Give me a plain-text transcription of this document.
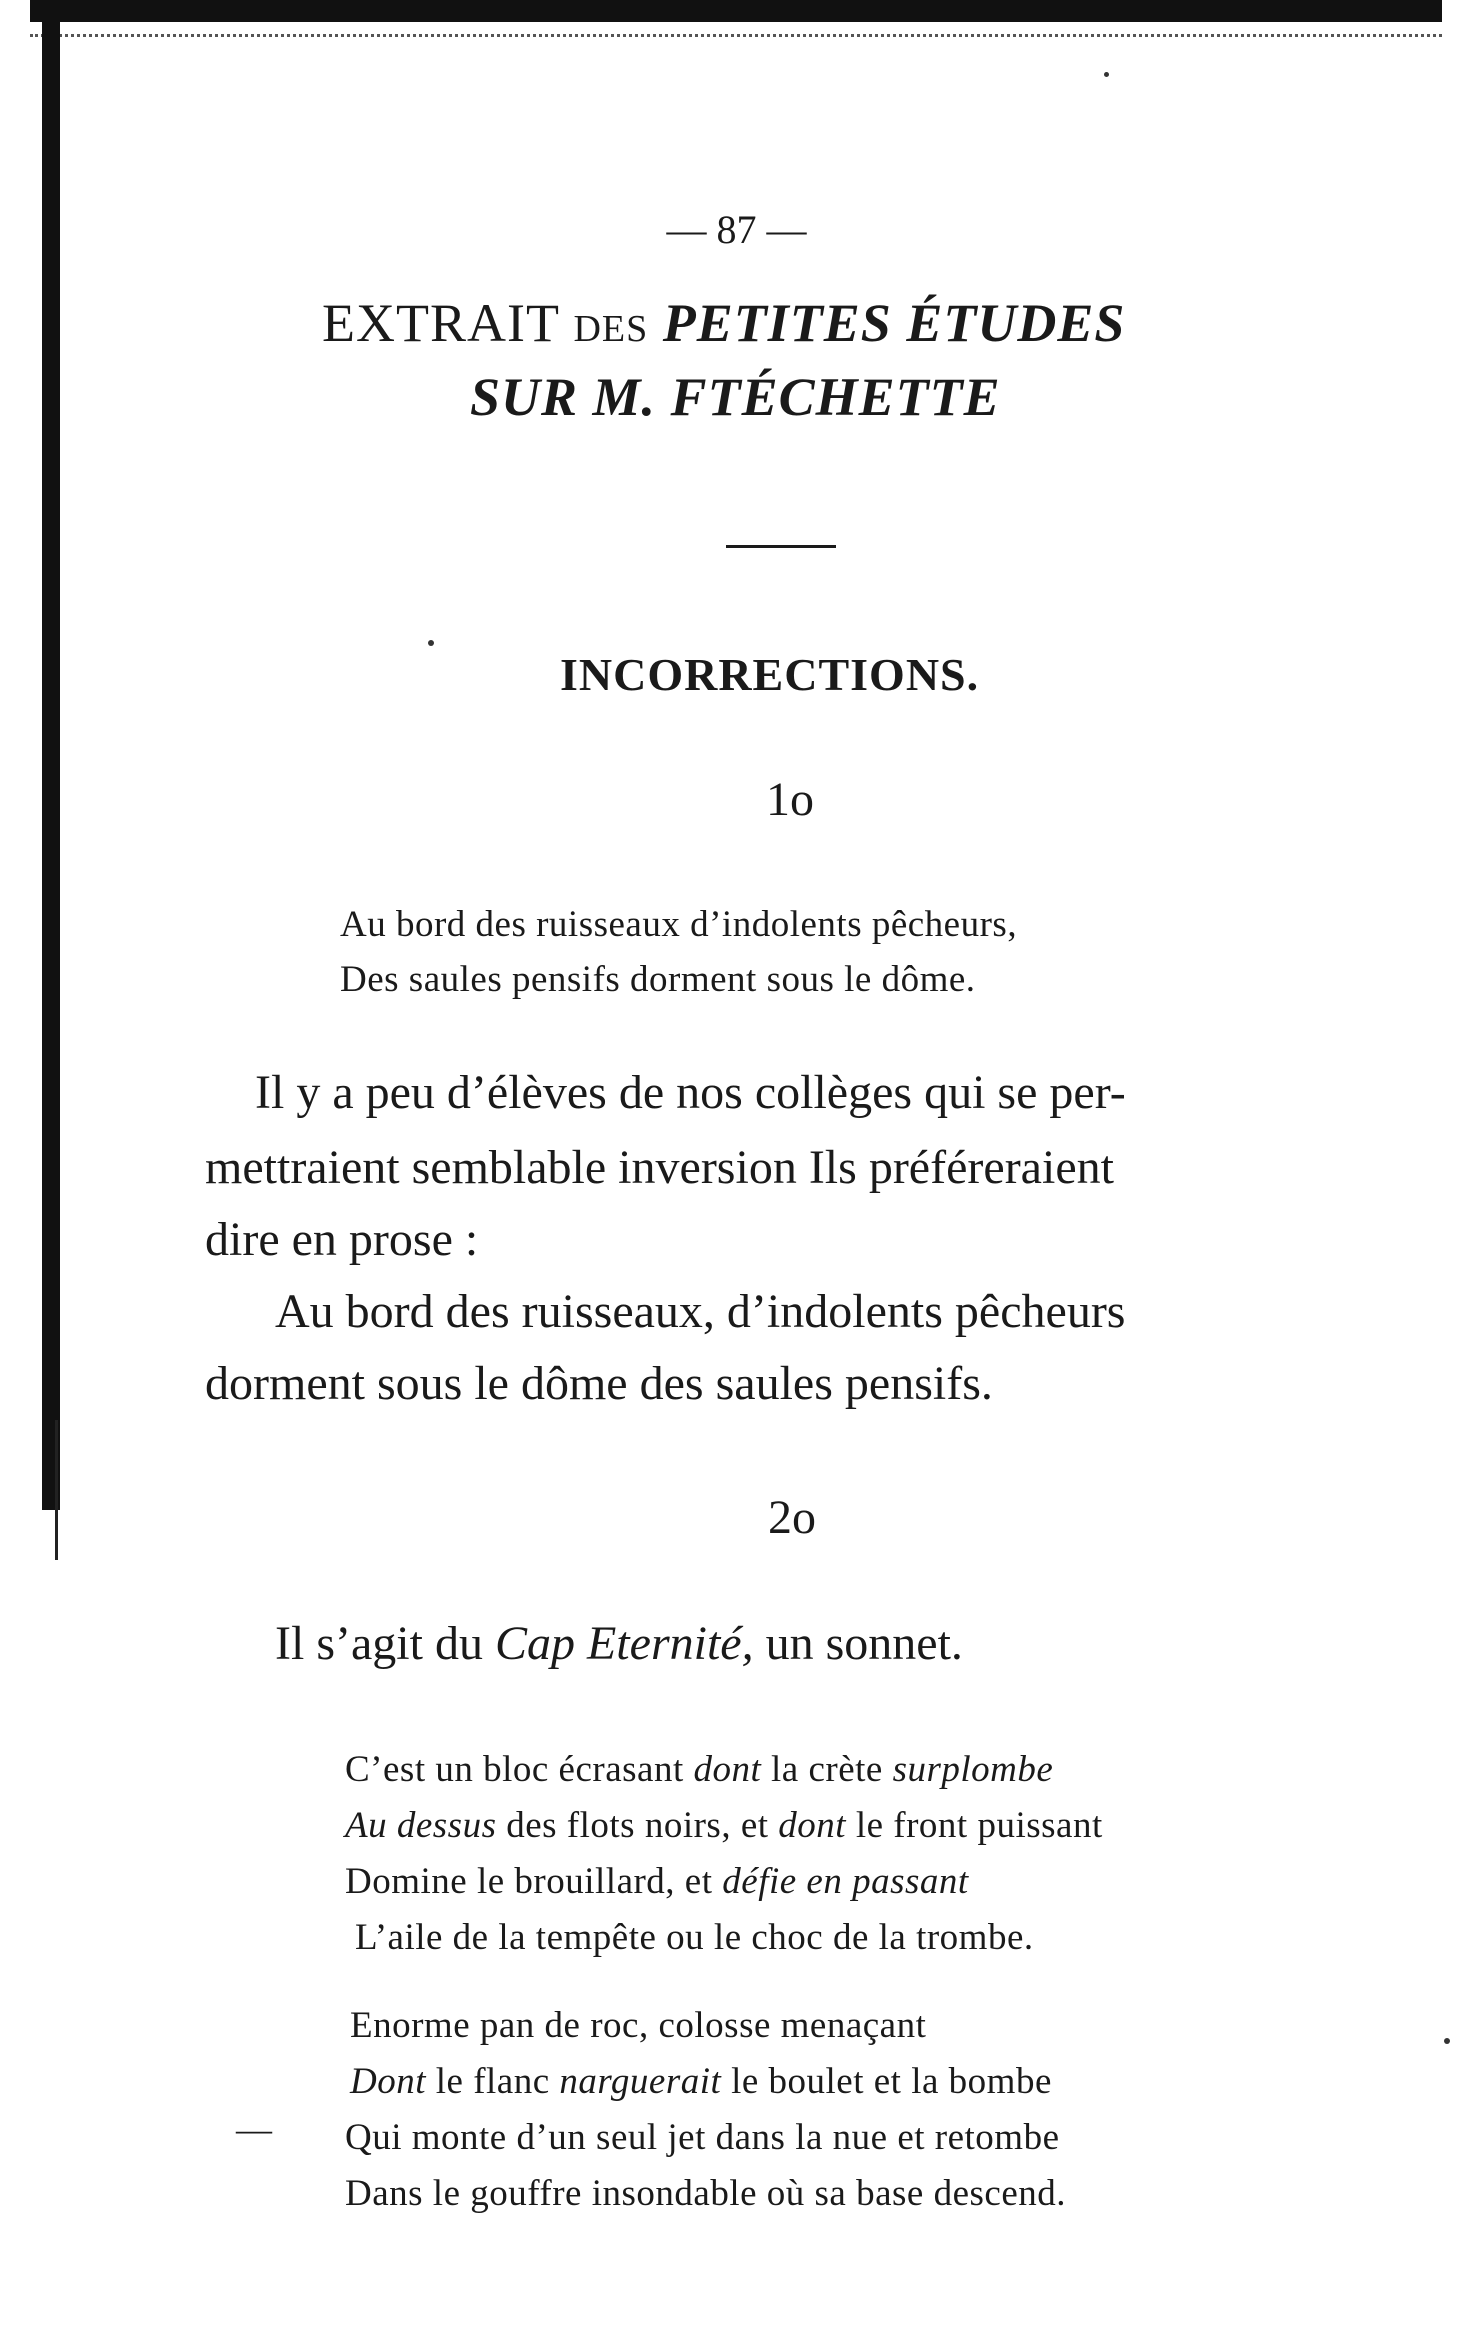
— 87 —
EXTRAIT DES PETITES ÉTUDES
SUR M. FTÉCHETTE
INCORRECTIONS.
1o
Au bord des ruisseaux d’indolents pêcheurs,
Des saules pensifs dorment sous le dôme.
Il y a peu d’élèves de nos collèges qui se per-
mettraient semblable inversion Ils préféreraient
dire en prose :
Au bord des ruisseaux, d’indolents pêcheurs
dorment sous le dôme des saules pensifs.
2o
Il s’agit du Cap Eternité, un sonnet.
C’est un bloc écrasant dont la crète surplombe
Au dessus des flots noirs, et dont le front puissant
Domine le brouillard, et défie en passant
L’aile de la tempête ou le choc de la trombe.
Enorme pan de roc, colosse menaçant
Dont le flanc narguerait le boulet et la bombe
— Qui monte d’un seul jet dans la nue et retombe
Dans le gouffre insondable où sa base descend.
